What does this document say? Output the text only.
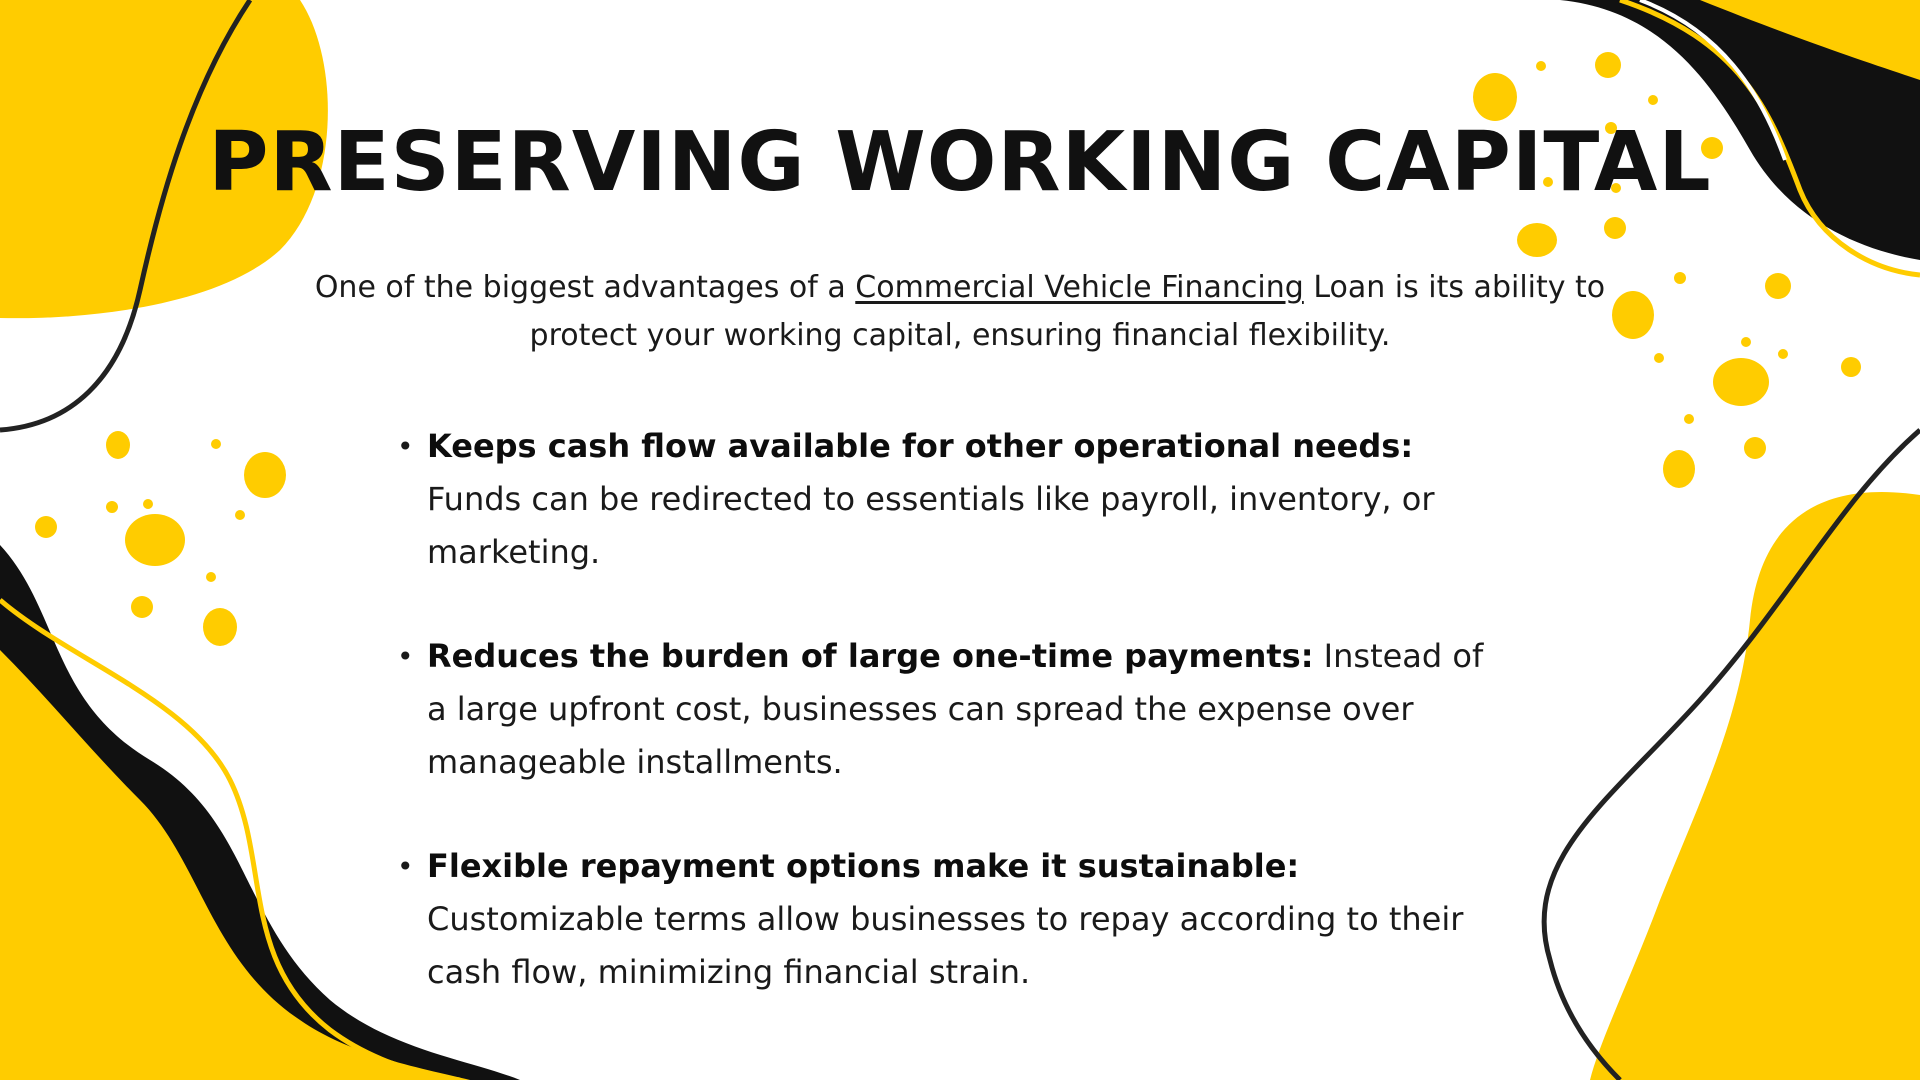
PRESERVING WORKING CAPITAL

One of the biggest advantages of a Commercial Vehicle Financing Loan is its ability to protect your working capital, ensuring financial flexibility.

• Keeps cash flow available for other operational needs: Funds can be redirected to essentials like payroll, inventory, or marketing.
• Reduces the burden of large one-time payments: Instead of a large upfront cost, businesses can spread the expense over manageable installments.
• Flexible repayment options make it sustainable: Customizable terms allow businesses to repay according to their cash flow, minimizing financial strain.
